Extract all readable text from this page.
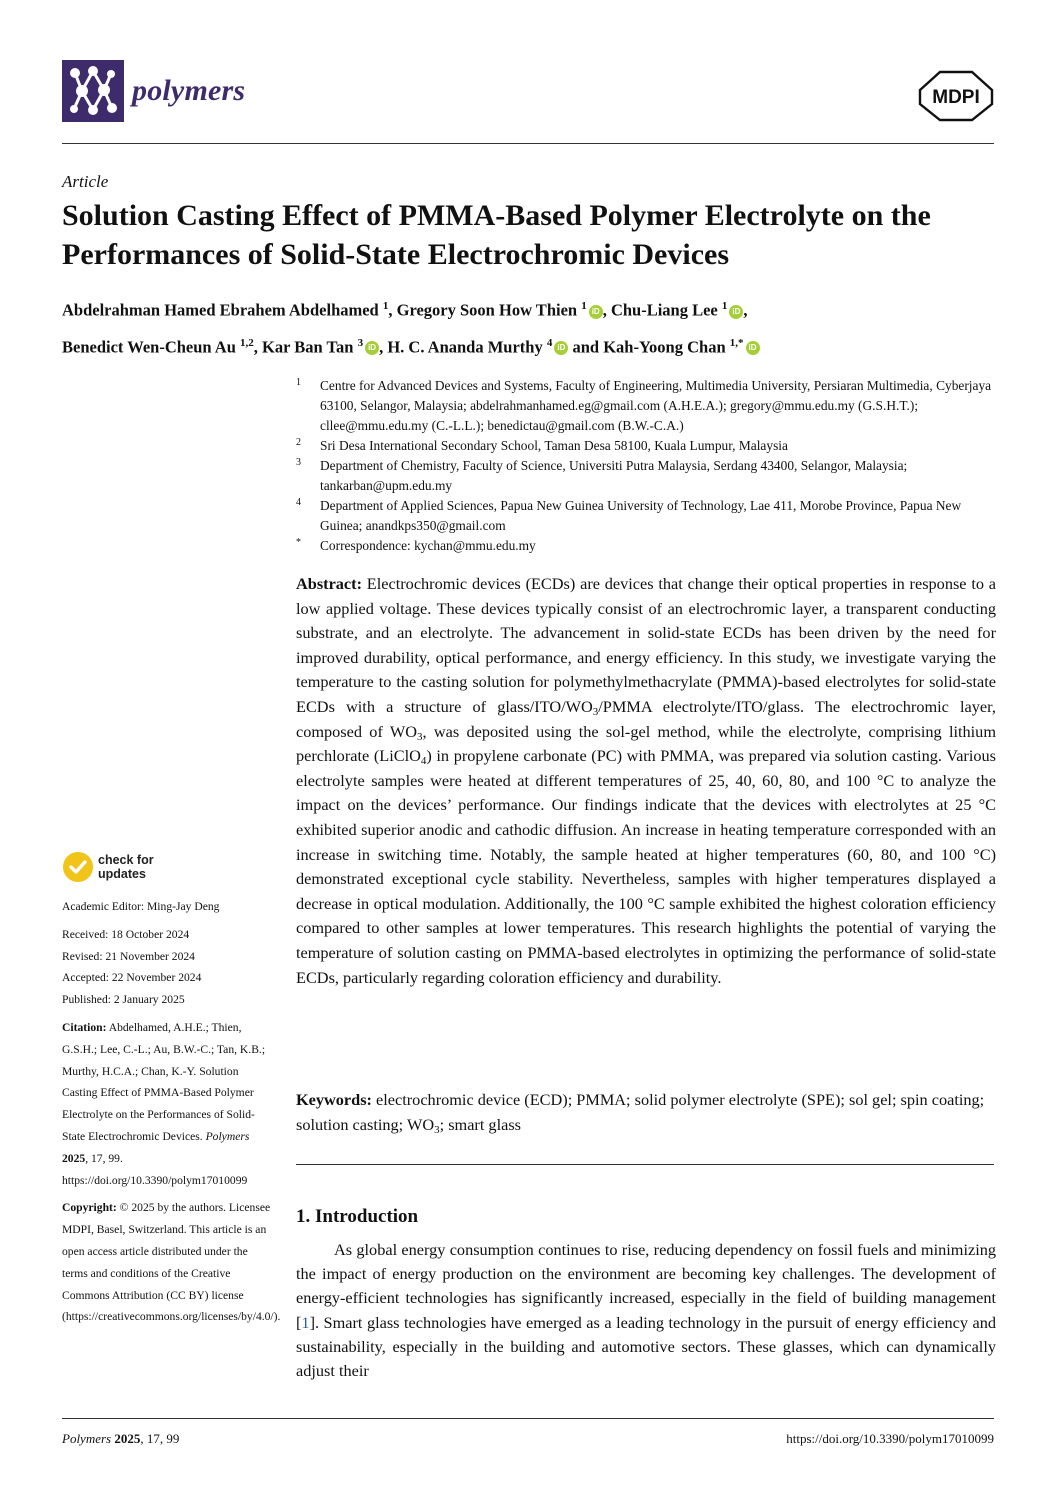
polymers	MDPI
Article
Solution Casting Effect of PMMA-Based Polymer Electrolyte on the Performances of Solid-State Electrochromic Devices
Abdelrahman Hamed Ebrahem Abdelhamed $^1$, Gregory Soon How Thien $^1$ iD , Chu-Liang Lee $^1$ iD ,
Benedict Wen-Cheun Au $^{1,2}$, Kar Ban Tan $^3$ iD , H. C. Ananda Murthy $^4$ iD and Kah-Yoong Chan $^{1,*}$ iD
1	Centre for Advanced Devices and Systems, Faculty of Engineering, Multimedia University, Persiaran Multimedia, Cyberjaya 63100, Selangor, Malaysia; abdelrahmanhamed.eg@gmail.com (A.H.E.A.); gregory@mmu.edu.my (G.S.H.T.); cllee@mmu.edu.my (C.-L.L.); benedictau@gmail.com (B.W.-C.A.)
2	Sri Desa International Secondary School, Taman Desa 58100, Kuala Lumpur, Malaysia
3	Department of Chemistry, Faculty of Science, Universiti Putra Malaysia, Serdang 43400, Selangor, Malaysia; tankarban@upm.edu.my
4	Department of Applied Sciences, Papua New Guinea University of Technology, Lae 411, Morobe Province, Papua New Guinea; anandkps350@gmail.com
*	Correspondence: kychan@mmu.edu.my
Abstract: Electrochromic devices (ECDs) are devices that change their optical properties in response to a low applied voltage. These devices typically consist of an electrochromic layer, a transparent conducting substrate, and an electrolyte. The advancement in solid-state ECDs has been driven by the need for improved durability, optical performance, and energy efficiency. In this study, we investigate varying the temperature to the casting solution for polymethylmethacrylate (PMMA)-based electrolytes for solid-state ECDs with a structure of glass/$ITO/WO_3$/PMMA electrolyte/ITO/glass. The electrochromic layer, composed of $WO_3$, was deposited using the sol-gel method, while the electrolyte, comprising lithium perchlorate (LiClO$_4$) in propylene carbonate (PC) with PMMA, was prepared via solution casting. Various electrolyte samples were heated at different temperatures of 25, 40, 60, 80, and 100 °C to analyze the impact on the devices’ performance. Our findings indicate that the devices with electrolytes at 25 °C exhibited superior anodic and cathodic diffusion. An increase in heating temperature corresponded with an increase in switching time. Notably, the sample heated at higher temperatures (60, 80, and 100 °C) demonstrated exceptional cycle stability. Nevertheless, samples with higher temperatures displayed a decrease in optical modulation. Additionally, the 100 °C sample exhibited the highest coloration efficiency compared to other samples at lower temperatures. This research highlights the potential of varying the temperature of solution casting on PMMA-based electrolytes in optimizing the performance of solid-state ECDs, particularly regarding coloration efficiency and durability.
Keywords: electrochromic device (ECD); PMMA; solid polymer electrolyte (SPE); sol gel; spin coating; solution casting; $WO_3$; smart glass
check for
updates

Academic Editor: Ming-Jay Deng

Received: 18 October 2024
Revised: 21 November 2024
Accepted: 22 November 2024

Published: 2 January 2025

Citation: Abdelhamed, A.H.E.; Thien, G.S.H.; Lee, C.-L.; Au, B.W.-C.; Tan, K.B.; Murthy, H.C.A.; Chan, K.-Y. Solution Casting Effect of PMMA-Based Polymer Electrolyte on the Performances of Solid-State Electrochromic Devices. Polymers 2025, 17, 99. https://doi.org/10.3390/polym17010099

Copyright: © 2025 by the authors. Licensee MDPI, Basel, Switzerland. This article is an open access article distributed under the terms and conditions of the Creative Commons Attribution (CC BY) license (https://creativecommons.org/licenses/by/4.0/).

1. Introduction
As global energy consumption continues to rise, reducing dependency on fossil fuels and minimizing the impact of energy production on the environment are becoming key challenges. The development of energy-efficient technologies has significantly increased, especially in the field of building management [1]. Smart glass technologies have emerged as a leading technology in the pursuit of energy efficiency and sustainability, especially in the building and automotive sectors. These glasses, which can dynamically adjust their
Polymers 2025, 17, 99	https://doi.org/10.3390/polym17010099
